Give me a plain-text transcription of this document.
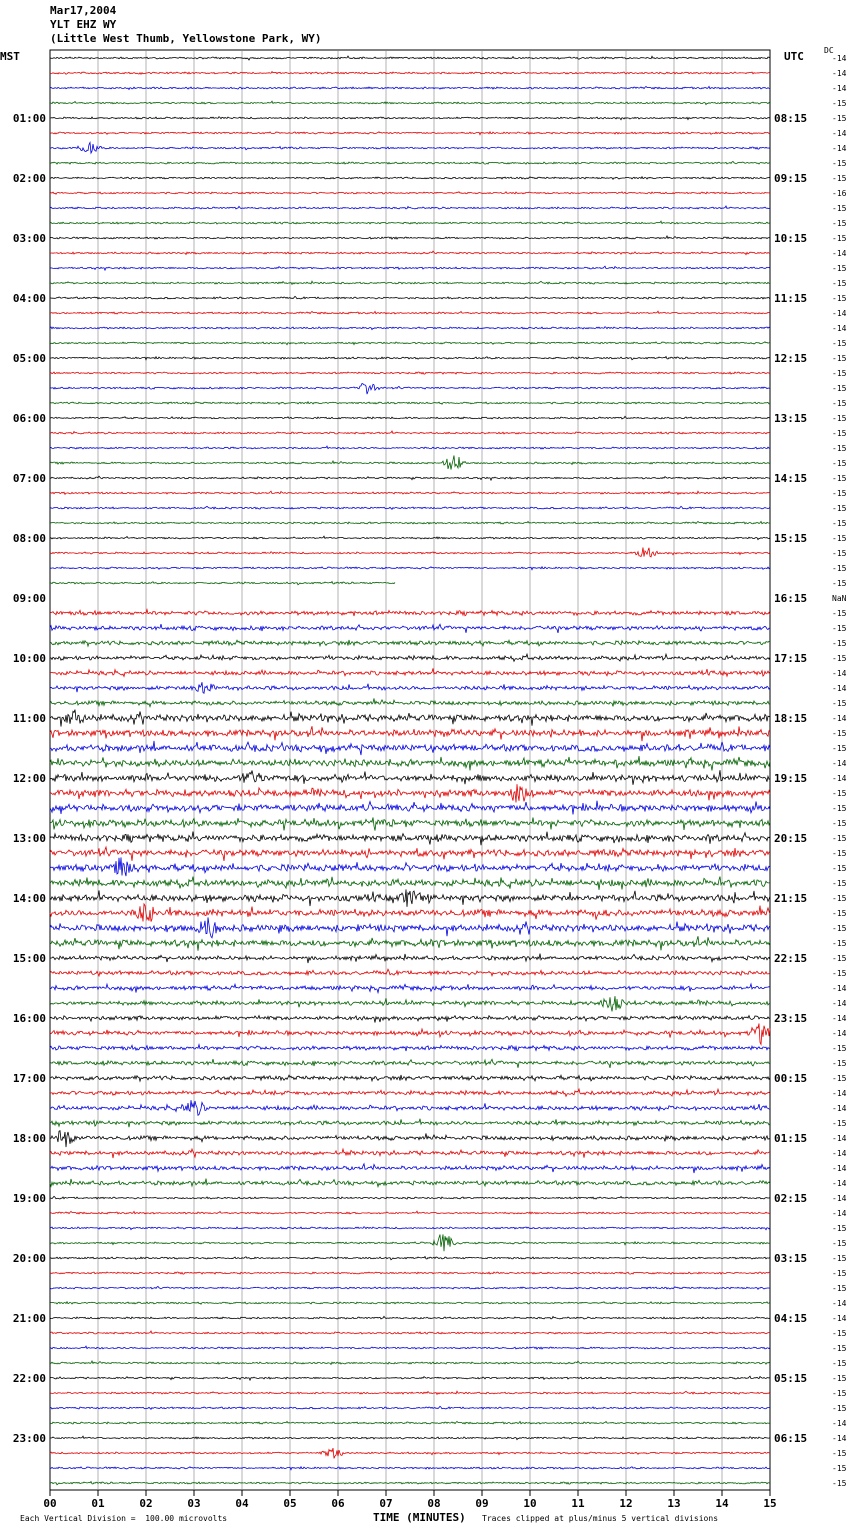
Mar17,2004
YLT EHZ WY
(Little West Thumb, Yellowstone Park, WY)
MST	UTC	DC
00	01	02	03	04	05	06	07	08	09	10	11	12	13	14	15
-14
-14
-14
-15
-15
-14
-14
-15
-15
-16
-15
-15
-15
-14
-15
-15
-15
-14
-14
-15
-15
-15
-15
-15
-15
-15
-15
-15
-15
-15
-15
-15
-15
-15
-15
-15
NaN
-15
-15
-15
-15
-14
-14
-15
-14
-15
-15
-14
-14
-15
-15
-15
-15
-15
-15
-15
-15
-15
-15
-15
-15
-15
-14
-14
-14
-14
-15
-15
-15
-14
-14
-15
-14
-14
-14
-14
-14
-14
-15
-15
-15
-15
-15
-14
-14
-15
-15
-15
-15
-15
-15
-14
-14
-15
-15
-15
01:00
02:00
03:00
04:00
05:00
06:00
07:00
08:00
09:00
10:00
11:00
12:00
13:00
14:00
15:00
16:00
17:00
18:00
19:00
20:00
21:00
22:00
23:00
08:15
09:15
10:15
11:15
12:15
13:15
14:15
15:15
16:15
17:15
18:15
19:15
20:15
21:15
22:15
23:15
00:15
01:15
02:15
03:15
04:15
05:15
06:15
Each Vertical Division =  100.00 microvolts	TIME (MINUTES) Traces clipped at plus/minus 5 vertical divisions
